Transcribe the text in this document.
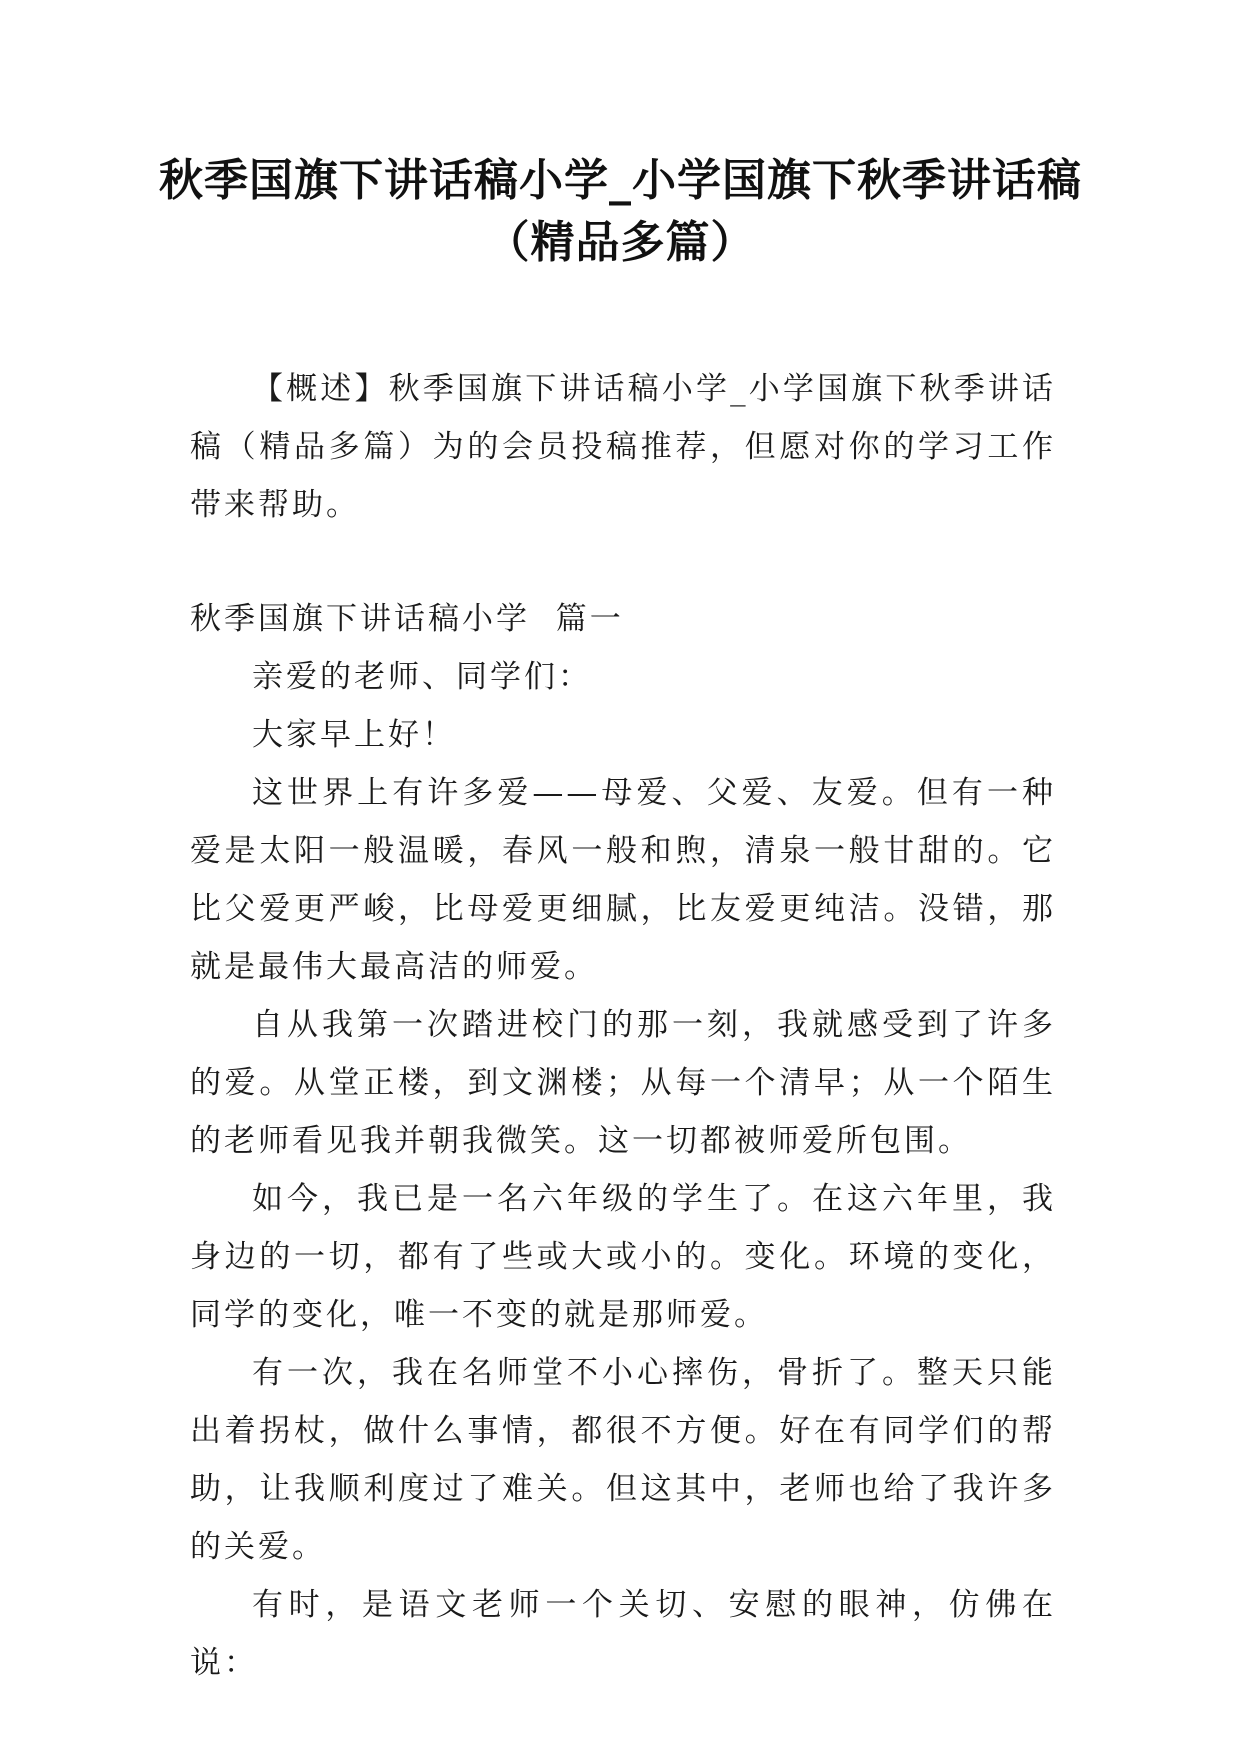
秋季国旗下讲话稿小学_小学国旗下秋季讲话稿（精品多篇）

【概述】秋季国旗下讲话稿小学_小学国旗下秋季讲话稿（精品多篇）为的会员投稿推荐，但愿对你的学习工作带来帮助。

秋季国旗下讲话稿小学  篇一

亲爱的老师、同学们：

大家早上好！

这世界上有许多爱——母爱、父爱、友爱。但有一种爱是太阳一般温暖，春风一般和煦，清泉一般甘甜的。它比父爱更严峻，比母爱更细腻，比友爱更纯洁。没错，那就是最伟大最高洁的师爱。

自从我第一次踏进校门的那一刻，我就感受到了许多的爱。从堂正楼，到文渊楼；从每一个清早；从一个陌生的老师看见我并朝我微笑。这一切都被师爱所包围。

如今，我已是一名六年级的学生了。在这六年里，我身边的一切，都有了些或大或小的。变化。环境的变化，同学的变化，唯一不变的就是那师爱。

有一次，我在名师堂不小心摔伤，骨折了。整天只能出着拐杖，做什么事情，都很不方便。好在有同学们的帮助，让我顺利度过了难关。但这其中，老师也给了我许多的关爱。

有时，是语文老师一个关切、安慰的眼神，仿佛在说：
